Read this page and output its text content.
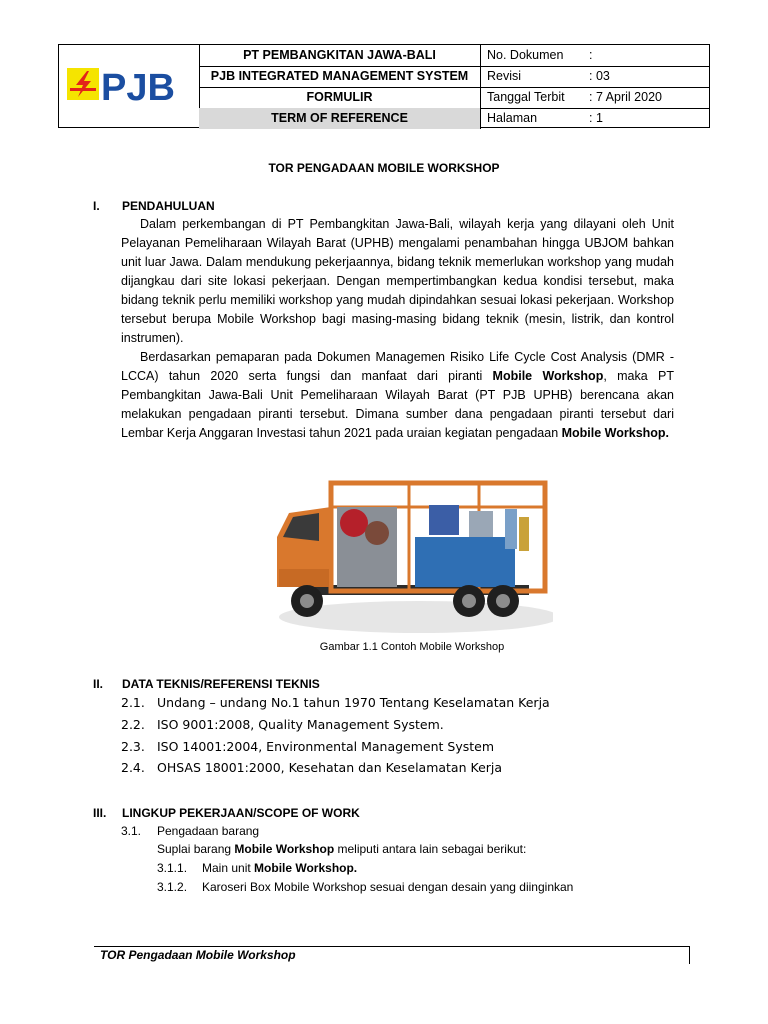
PJB
PT PEMBANGKITAN JAWA-BALI	No. Dokumen :
PJB INTEGRATED MANAGEMENT SYSTEM	Revisi	: 03
FORMULIR	Tanggal Terbit : 7 April 2020
TERM OF REFERENCE	Halaman	: 1
TOR PENGADAAN MOBILE WORKSHOP
I. PENDAHULUAN
Dalam perkembangan di PT Pembangkitan Jawa-Bali, wilayah kerja yang dilayani oleh Unit Pelayanan Pemeliharaan Wilayah Barat (UPHB) mengalami penambahan hingga UBJOM bahkan unit luar Jawa. Dalam mendukung pekerjaannya, bidang teknik memerlukan workshop yang mudah dijangkau dari site lokasi pekerjaan. Dengan mempertimbangkan kedua kondisi tersebut, maka bidang teknik perlu memiliki workshop yang mudah dipindahkan sesuai lokasi pekerjaan. Workshop tersebut berupa Mobile Workshop bagi masing-masing bidang teknik (mesin, listrik, dan kontrol instrumen).
Berdasarkan pemaparan pada Dokumen Managemen Risiko Life Cycle Cost Analysis (DMR - LCCA) tahun 2020 serta fungsi dan manfaat dari piranti Mobile Workshop, maka PT Pembangkitan Jawa-Bali Unit Pemeliharaan Wilayah Barat (PT PJB UPHB) berencana akan melakukan pengadaan piranti tersebut. Dimana sumber dana pengadaan piranti tersebut dari Lembar Kerja Anggaran Investasi tahun 2021 pada uraian kegiatan pengadaan Mobile Workshop.
Gambar 1.1 Contoh Mobile Workshop
II. DATA TEKNIS/REFERENSI TEKNIS
2.1. Undang – undang No.1 tahun 1970 Tentang Keselamatan Kerja
2.2. ISO 9001:2008, Quality Management System.
2.3. ISO 14001:2004, Environmental Management System
2.4. OHSAS 18001:2000, Kesehatan dan Keselamatan Kerja
III. LINGKUP PEKERJAAN/SCOPE OF WORK
3.1. Pengadaan barang
Suplai barang Mobile Workshop meliputi antara lain sebagai berikut:
3.1.1. Main unit Mobile Workshop.
3.1.2. Karoseri Box Mobile Workshop sesuai dengan desain yang diinginkan
TOR Pengadaan Mobile Workshop
